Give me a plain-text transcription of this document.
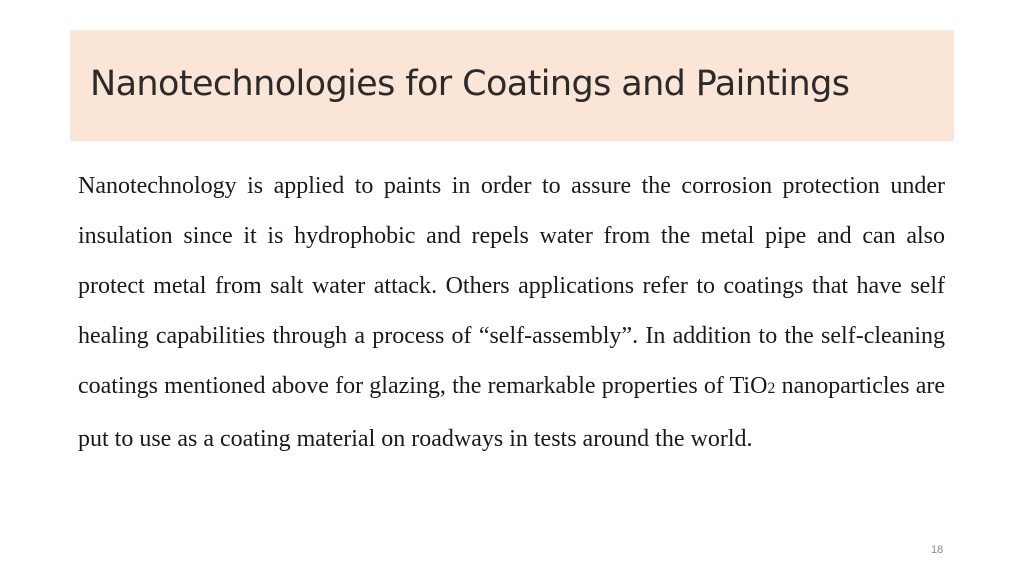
Nanotechnologies for Coatings and Paintings

Nanotechnology is applied to paints in order to assure the corrosion protection under insulation since it is hydrophobic and repels water from the metal pipe and can also protect metal from salt water attack. Others applications refer to coatings that have self healing capabilities through a process of “self-assembly”. In addition to the self-cleaning coatings mentioned above for glazing, the remarkable properties of TiO2 nanoparticles are put to use as a coating material on roadways in tests around the world.

18
